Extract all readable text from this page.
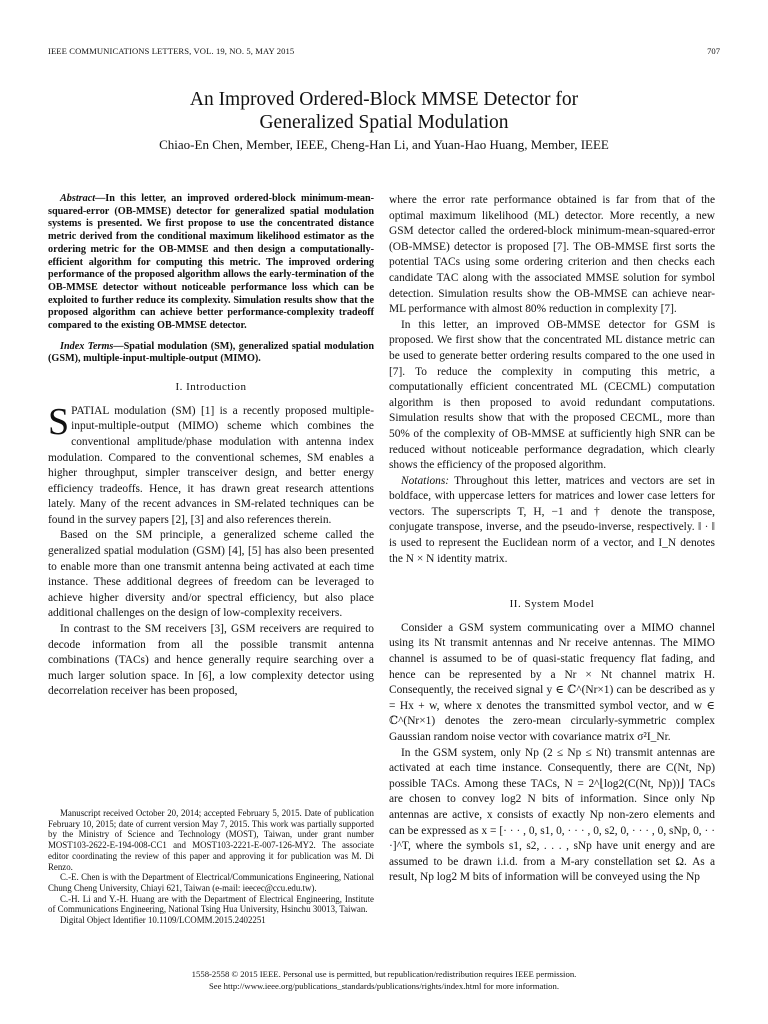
IEEE COMMUNICATIONS LETTERS, VOL. 19, NO. 5, MAY 2015	707
An Improved Ordered-Block MMSE Detector for
Generalized Spatial Modulation
Chiao-En Chen, Member, IEEE, Cheng-Han Li, and Yuan-Hao Huang, Member, IEEE

Abstract—In this letter, an improved ordered-block minimum-mean-squared-error (OB-MMSE) detector for generalized spatial modulation systems is presented. We first propose to use the concentrated distance metric derived from the conditional maximum likelihood estimator as the ordering metric for the OB-MMSE and then design a computationally-efficient algorithm for computing this metric. The improved ordering performance of the proposed algorithm allows the early-termination of the OB-MMSE detector without noticeable performance loss which can be exploited to further reduce its complexity. Simulation results show that the proposed algorithm can achieve better performance-complexity tradeoff compared to the existing OB-MMSE detector.

Index Terms—Spatial modulation (SM), generalized spatial modulation (GSM), multiple-input-multiple-output (MIMO).

I. Introduction

SPATIAL modulation (SM) [1] is a recently proposed multiple-input-multiple-output (MIMO) scheme which combines the conventional amplitude/phase modulation with antenna index modulation. Compared to the conventional schemes, SM enables a higher throughput, simpler transceiver design, and better energy efficiency tradeoffs. Hence, it has drawn great research attentions lately. Many of the recent advances in SM-related techniques can be found in the survey papers [2], [3] and also references therein.

Based on the SM principle, a generalized scheme called the generalized spatial modulation (GSM) [4], [5] has also been presented to enable more than one transmit antenna being activated at each time instance. These additional degrees of freedom can be leveraged to achieve higher diversity and/or spectral efficiency, but also place additional challenges on the design of low-complexity receivers.

In contrast to the SM receivers [3], GSM receivers are required to decode information from all the possible transmit antenna combinations (TACs) and hence generally require searching over a much larger solution space. In [6], a low complexity detector using decorrelation receiver has been proposed,

where the error rate performance obtained is far from that of the optimal maximum likelihood (ML) detector. More recently, a new GSM detector called the ordered-block minimum-mean-squared-error (OB-MMSE) detector is proposed [7]. The OB-MMSE first sorts the potential TACs using some ordering criterion and then checks each candidate TAC along with the associated MMSE solution for symbol detection. Simulation results show the OB-MMSE can achieve near-ML performance with almost 80% reduction in complexity [7].

In this letter, an improved OB-MMSE detector for GSM is proposed. We first show that the concentrated ML distance metric can be used to generate better ordering results compared to the one used in [7]. To reduce the complexity in computing this metric, a computationally efficient concentrated ML (CECML) computation algorithm is then proposed to avoid redundant computations. Simulation results show that with the proposed CECML, more than 50% of the complexity of OB-MMSE at sufficiently high SNR can be reduced without noticeable performance degradation, which clearly shows the efficiency of the proposed algorithm.

Notations: Throughout this letter, matrices and vectors are set in boldface, with uppercase letters for matrices and lower case letters for vectors. The superscripts T, H, −1 and † denote the transpose, conjugate transpose, inverse, and the pseudo-inverse, respectively. ‖ · ‖ is used to represent the Euclidean norm of a vector, and I_N denotes the N × N identity matrix.

II. System Model

Consider a GSM system communicating over a MIMO channel using its Nt transmit antennas and Nr receive antennas. The MIMO channel is assumed to be of quasi-static frequency flat fading, and hence can be represented by a Nr × Nt channel matrix H. Consequently, the received signal y ∈ ℂ^(Nr×1) can be described as y = Hx + w, where x denotes the transmitted symbol vector, and w ∈ ℂ^(Nr×1) denotes the zero-mean circularly-symmetric complex Gaussian random noise vector with covariance matrix σ²I_Nr.

In the GSM system, only Np (2 ≤ Np ≤ Nt) transmit antennas are activated at each time instance. Consequently, there are C(Nt, Np) possible TACs. Among these TACs, N = 2^⌊log2(C(Nt, Np))⌋ TACs are chosen to convey log2 N bits of information. Since only Np antennas are active, x consists of exactly Np non-zero elements and can be expressed as x = [· · · , 0, s1, 0, · · · , 0, s2, 0, · · · , 0, sNp, 0, · · ·]^T, where the symbols s1, s2, . . . , sNp have unit energy and are assumed to be drawn i.i.d. from a M-ary constellation set Ω. As a result, Np log2 M bits of information will be conveyed using the Np

Manuscript received October 20, 2014; accepted February 5, 2015. Date of publication February 10, 2015; date of current version May 7, 2015. This work was partially supported by the Ministry of Science and Technology (MOST), Taiwan, under grant number MOST103-2622-E-194-008-CC1 and MOST103-2221-E-007-126-MY2. The associate editor coordinating the review of this paper and approving it for publication was M. Di Renzo.

C.-E. Chen is with the Department of Electrical/Communications Engineering, National Chung Cheng University, Chiayi 621, Taiwan (e-mail: ieecec@ccu.edu.tw).

C.-H. Li and Y.-H. Huang are with the Department of Electrical Engineering, Institute of Communications Engineering, National Tsing Hua University, Hsinchu 30013, Taiwan.

Digital Object Identifier 10.1109/LCOMM.2015.2402251

1558-2558 © 2015 IEEE. Personal use is permitted, but republication/redistribution requires IEEE permission.
See http://www.ieee.org/publications_standards/publications/rights/index.html for more information.
